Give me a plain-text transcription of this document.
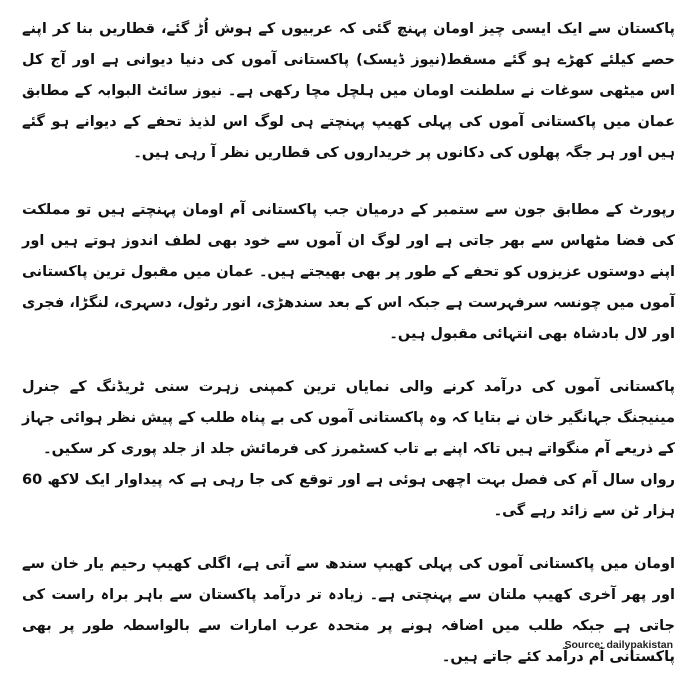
پاکستان سے ایک ایسی چیز اومان پہنچ گئی کہ عربیوں کے ہوش اُڑ گئے، قطاریں بنا کر اپنے حصے کیلئے کھڑے ہو گئے مسقط(نیوز ڈیسک) پاکستانی آموں کی دنیا دیوانی ہے اور آج کل اس میٹھی سوغات نے سلطنت اومان میں ہلچل مچا رکھی ہے۔ نیوز سائٹ البوابہ کے مطابق عمان میں پاکستانی آموں کی پہلی کھیپ پہنچتے ہی لوگ اس لذیذ تحفے کے دیوانے ہو گئے ہیں اور ہر جگہ پھلوں کی دکانوں پر خریداروں کی قطاریں نظر آ رہی ہیں۔

رپورٹ کے مطابق جون سے ستمبر کے درمیان جب پاکستانی آم اومان پہنچتے ہیں تو مملکت کی فضا مٹھاس سے بھر جاتی ہے اور لوگ ان آموں سے خود بھی لطف اندوز ہوتے ہیں اور اپنے دوستوں عزیزوں کو تحفے کے طور پر بھی بھیجتے ہیں۔ عمان میں مقبول ترین پاکستانی آموں میں چونسہ سرفہرست ہے جبکہ اس کے بعد سندھڑی، انور رٹول، دسہری، لنگڑا، فجری اور لال بادشاہ بھی انتہائی مقبول ہیں۔

پاکستانی آموں کی درآمد کرنے والی نمایاں ترین کمپنی زہرت سنی ٹریڈنگ کے جنرل مینیجنگ جہانگیر خان نے بتایا کہ وہ پاکستانی آموں کی بے پناہ طلب کے پیش نظر ہوائی جہاز کے ذریعے آم منگواتے ہیں تاکہ اپنے بے تاب کسٹمرز کی فرمائش جلد از جلد پوری کر سکیں۔

رواں سال آم کی فصل بہت اچھی ہوئی ہے اور توقع کی جا رہی ہے کہ پیداوار ایک لاکھ 60 ہزار ٹن سے زائد رہے گی۔

اومان میں پاکستانی آموں کی پہلی کھیپ سندھ سے آتی ہے، اگلی کھیپ رحیم یار خان سے اور پھر آخری کھیپ ملتان سے پہنچتی ہے۔ زیادہ تر درآمد پاکستان سے باہر براہ راست کی جاتی ہے جبکہ طلب میں اضافہ ہونے پر متحدہ عرب امارات سے بالواسطہ طور پر بھی پاکستانی آم درآمد کئے جاتے ہیں۔

Source: dailypakistan
